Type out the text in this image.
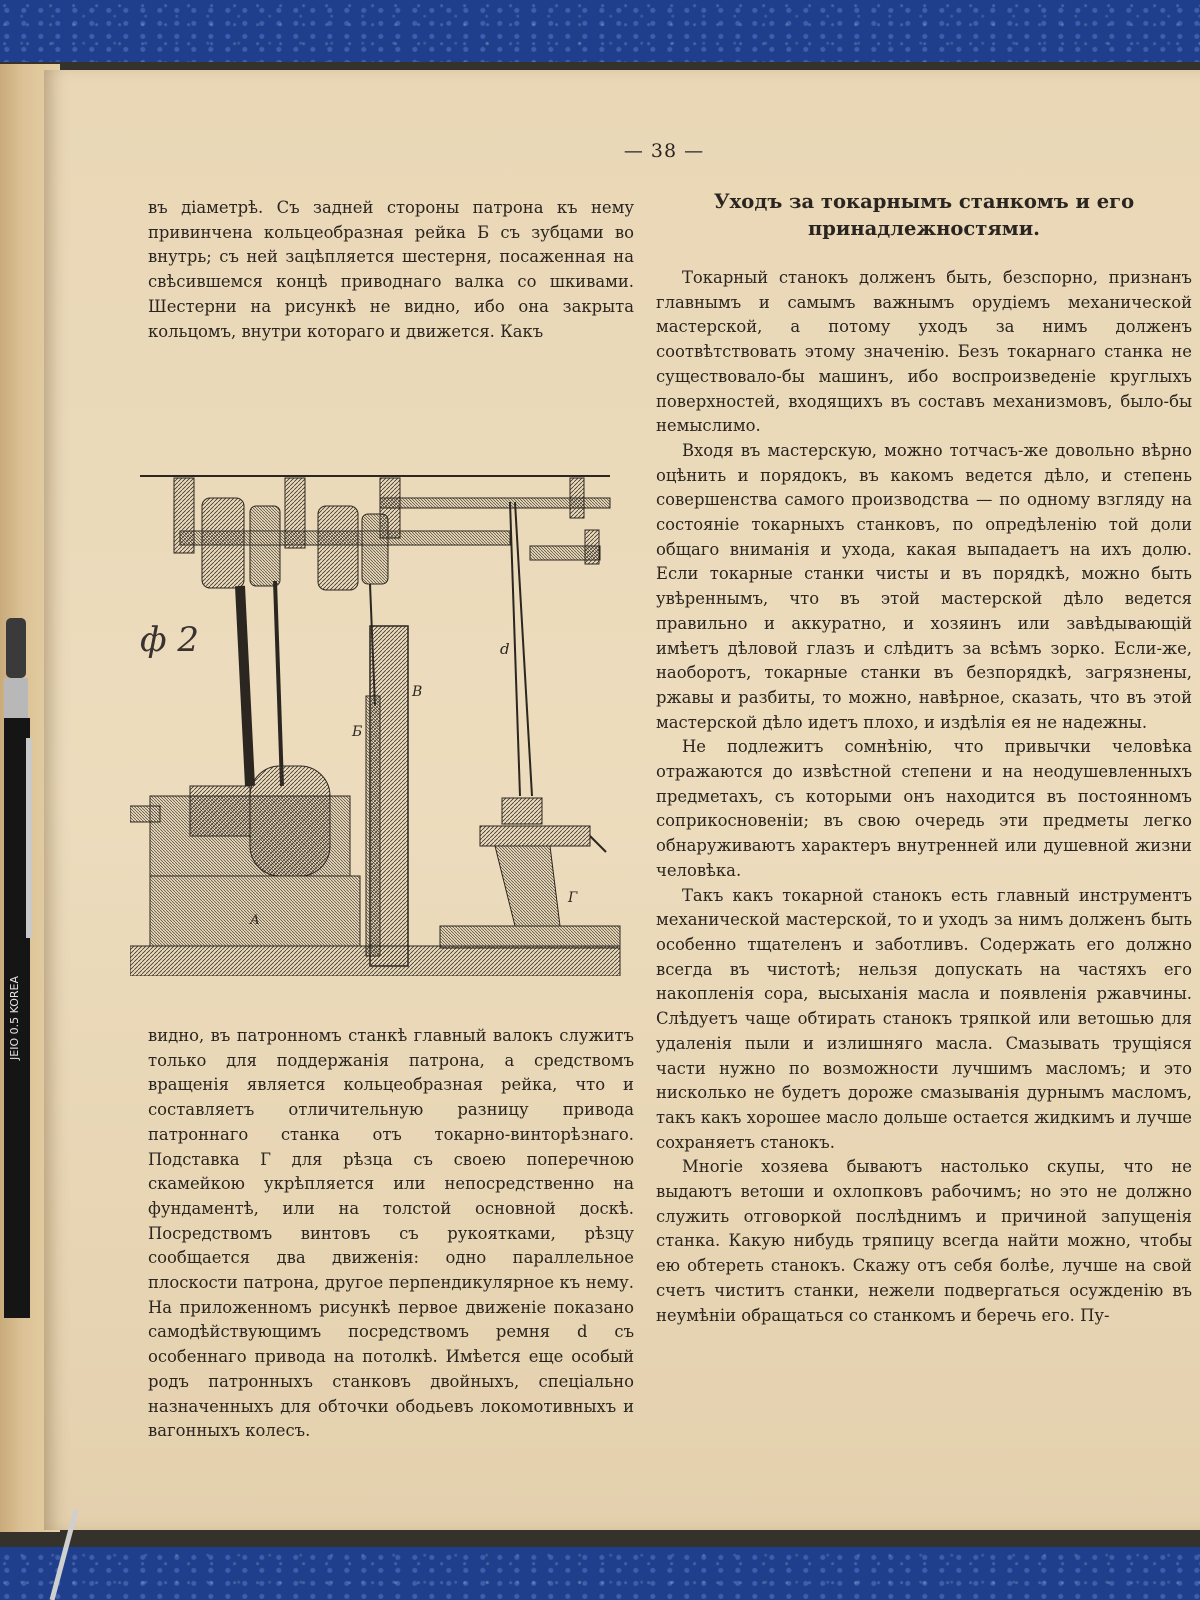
— 38 —

въ діаметрѣ. Съ задней стороны патрона къ нему привинчена кольцеобразная рейка Б съ зубцами во внутрь; съ ней зацѣпляется шестерня, посаженная на свѣсившемся концѣ приводнаго валка со шкивами. Шестерни на рисункѣ не видно, ибо она закрыта кольцомъ, внутри котораго и движется. Какъ

d
В
Б
А
Г
ф 2

видно, въ патронномъ станкѣ главный валокъ служитъ только для поддержанія патрона, а средствомъ вращенія является кольцеобразная рейка, что и составляетъ отличительную разницу привода патроннаго станка отъ токарно-винторѣзнаго. Подставка Г для рѣзца съ своею поперечною скамейкою укрѣпляется или непосредственно на фундаментѣ, или на толстой основной доскѣ. Посредствомъ винтовъ съ рукоятками, рѣзцу сообщается два движенія: одно параллельное плоскости патрона, другое перпендикулярное къ нему. На приложенномъ рисункѣ первое движеніе показано самодѣйствующимъ посредствомъ ремня d съ особеннаго привода на потолкѣ. Имѣется еще особый родъ патронныхъ станковъ двойныхъ, спеціально назначенныхъ для обточки ободьевъ локомотивныхъ и вагонныхъ колесъ.

Уходъ за токарнымъ станкомъ и его принадлежностями.

Токарный станокъ долженъ быть, безспорно, признанъ главнымъ и самымъ важнымъ орудіемъ механической мастерской, а потому уходъ за нимъ долженъ соотвѣтствовать этому значенію. Безъ токарнаго станка не существовало-бы машинъ, ибо воспроизведеніе круглыхъ поверхностей, входящихъ въ составъ механизмовъ, было-бы немыслимо.

Входя въ мастерскую, можно тотчасъ-же довольно вѣрно оцѣнить и порядокъ, въ какомъ ведется дѣло, и степень совершенства самого производства — по одному взгляду на состояніе токарныхъ станковъ, по опредѣленію той доли общаго вниманія и ухода, какая выпадаетъ на ихъ долю. Если токарные станки чисты и въ порядкѣ, можно быть увѣреннымъ, что въ этой мастерской дѣло ведется правильно и аккуратно, и хозяинъ или завѣдывающій имѣетъ дѣловой глазъ и слѣдитъ за всѣмъ зорко. Если-же, наоборотъ, токарные станки въ безпорядкѣ, загрязнены, ржавы и разбиты, то можно, навѣрное, сказать, что въ этой мастерской дѣло идетъ плохо, и издѣлія ея не надежны.

Не подлежитъ сомнѣнію, что привычки человѣка отражаются до извѣстной степени и на неодушевленныхъ предметахъ, съ которыми онъ находится въ постоянномъ соприкосновеніи; въ свою очередь эти предметы легко обнаруживаютъ характеръ внутренней или душевной жизни человѣка.

Такъ какъ токарной станокъ есть главный инструментъ механической мастерской, то и уходъ за нимъ долженъ быть особенно тщателенъ и заботливъ. Содержать его должно всегда въ чистотѣ; нельзя допускать на частяхъ его накопленія сора, высыханія масла и появленія ржавчины. Слѣдуетъ чаще обтирать станокъ тряпкой или ветошью для удаленія пыли и излишняго масла. Смазывать трущіяся части нужно по возможности лучшимъ масломъ; и это нисколько не будетъ дороже смазыванія дурнымъ масломъ, такъ какъ хорошее масло дольше остается жидкимъ и лучше сохраняетъ станокъ.

Многіе хозяева бываютъ настолько скупы, что не выдаютъ ветоши и охлопковъ рабочимъ; но это не должно служить отговоркой послѣднимъ и причиной запущенія станка. Какую нибудь тряпицу всегда найти можно, чтобы ею обтереть станокъ. Скажу отъ себя болѣе, лучше на свой счетъ чиститъ станки, нежели подвергаться осужденію въ неумѣніи обращаться со станкомъ и беречь его. Пу-

JEIO 0.5 KOREA
